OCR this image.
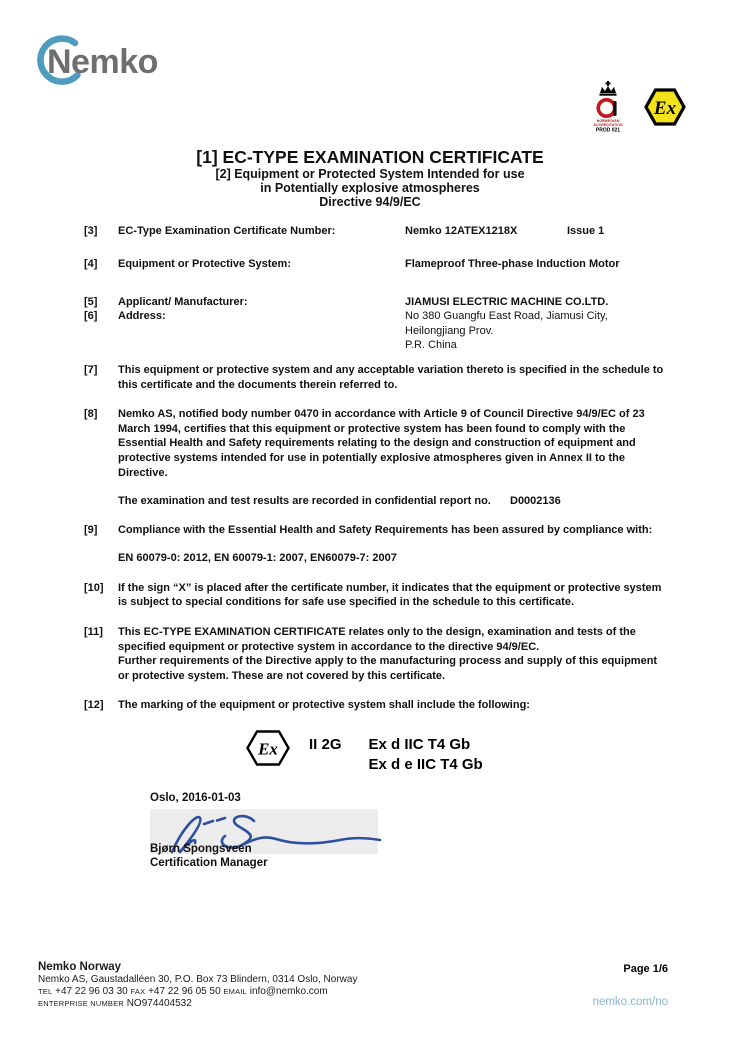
Nemko
NORWEGIAN
ACCREDITATION
PROD 021
Ex
[1] EC-TYPE EXAMINATION CERTIFICATE
[2] Equipment or Protected System Intended for use
in Potentially explosive atmospheres
Directive 94/9/EC
[3]	EC-Type Examination Certificate Number:	Nemko 12ATEX1218X	Issue 1
[4]	Equipment or Protective System:	Flameproof Three-phase Induction Motor
[5]	Applicant/ Manufacturer:	JIAMUSI ELECTRIC MACHINE CO.LTD.
[6]	Address:	No 380 Guangfu East Road, Jiamusi City,
Heilongjiang Prov.
P.R. China
[7]	This equipment or protective system and any acceptable variation thereto is specified in the schedule to this certificate and the documents therein referred to.
[8]	Nemko AS, notified body number 0470 in accordance with Article 9 of Council Directive 94/9/EC of 23 March 1994, certifies that this equipment or protective system has been found to comply with the Essential Health and Safety requirements relating to the design and construction of equipment and protective systems intended for use in potentially explosive atmospheres given in Annex II to the Directive.
The examination and test results are recorded in confidential report no.	D0002136
[9]	Compliance with the Essential Health and Safety Requirements has been assured by compliance with:
EN 60079-0: 2012, EN 60079-1: 2007, EN60079-7: 2007
[10]	If the sign “X” is placed after the certificate number, it indicates that the equipment or protective system is subject to special conditions for safe use specified in the schedule to this certificate.
[11]	This EC-TYPE EXAMINATION CERTIFICATE relates only to the design, examination and tests of the specified equipment or protective system in accordance to the directive 94/9/EC.
Further requirements of the Directive apply to the manufacturing process and supply of this equipment or protective system. These are not covered by this certificate.
[12]	The marking of the equipment or protective system shall include the following:
Ex II 2G Ex d IIC T4 Gb
Ex d e IIC T4 Gb
Oslo, 2016-01-03
Bjørn Spongsveen
Certification Manager
Nemko Norway
Nemko AS, Gaustadalléen 30, P.O. Box 73 Blindern, 0314 Oslo, Norway
TEL +47 22 96 03 30 FAX +47 22 96 05 50 EMAIL info@nemko.com
ENTERPRISE NUMBER NO974404532
Page 1/6
nemko.com/no
